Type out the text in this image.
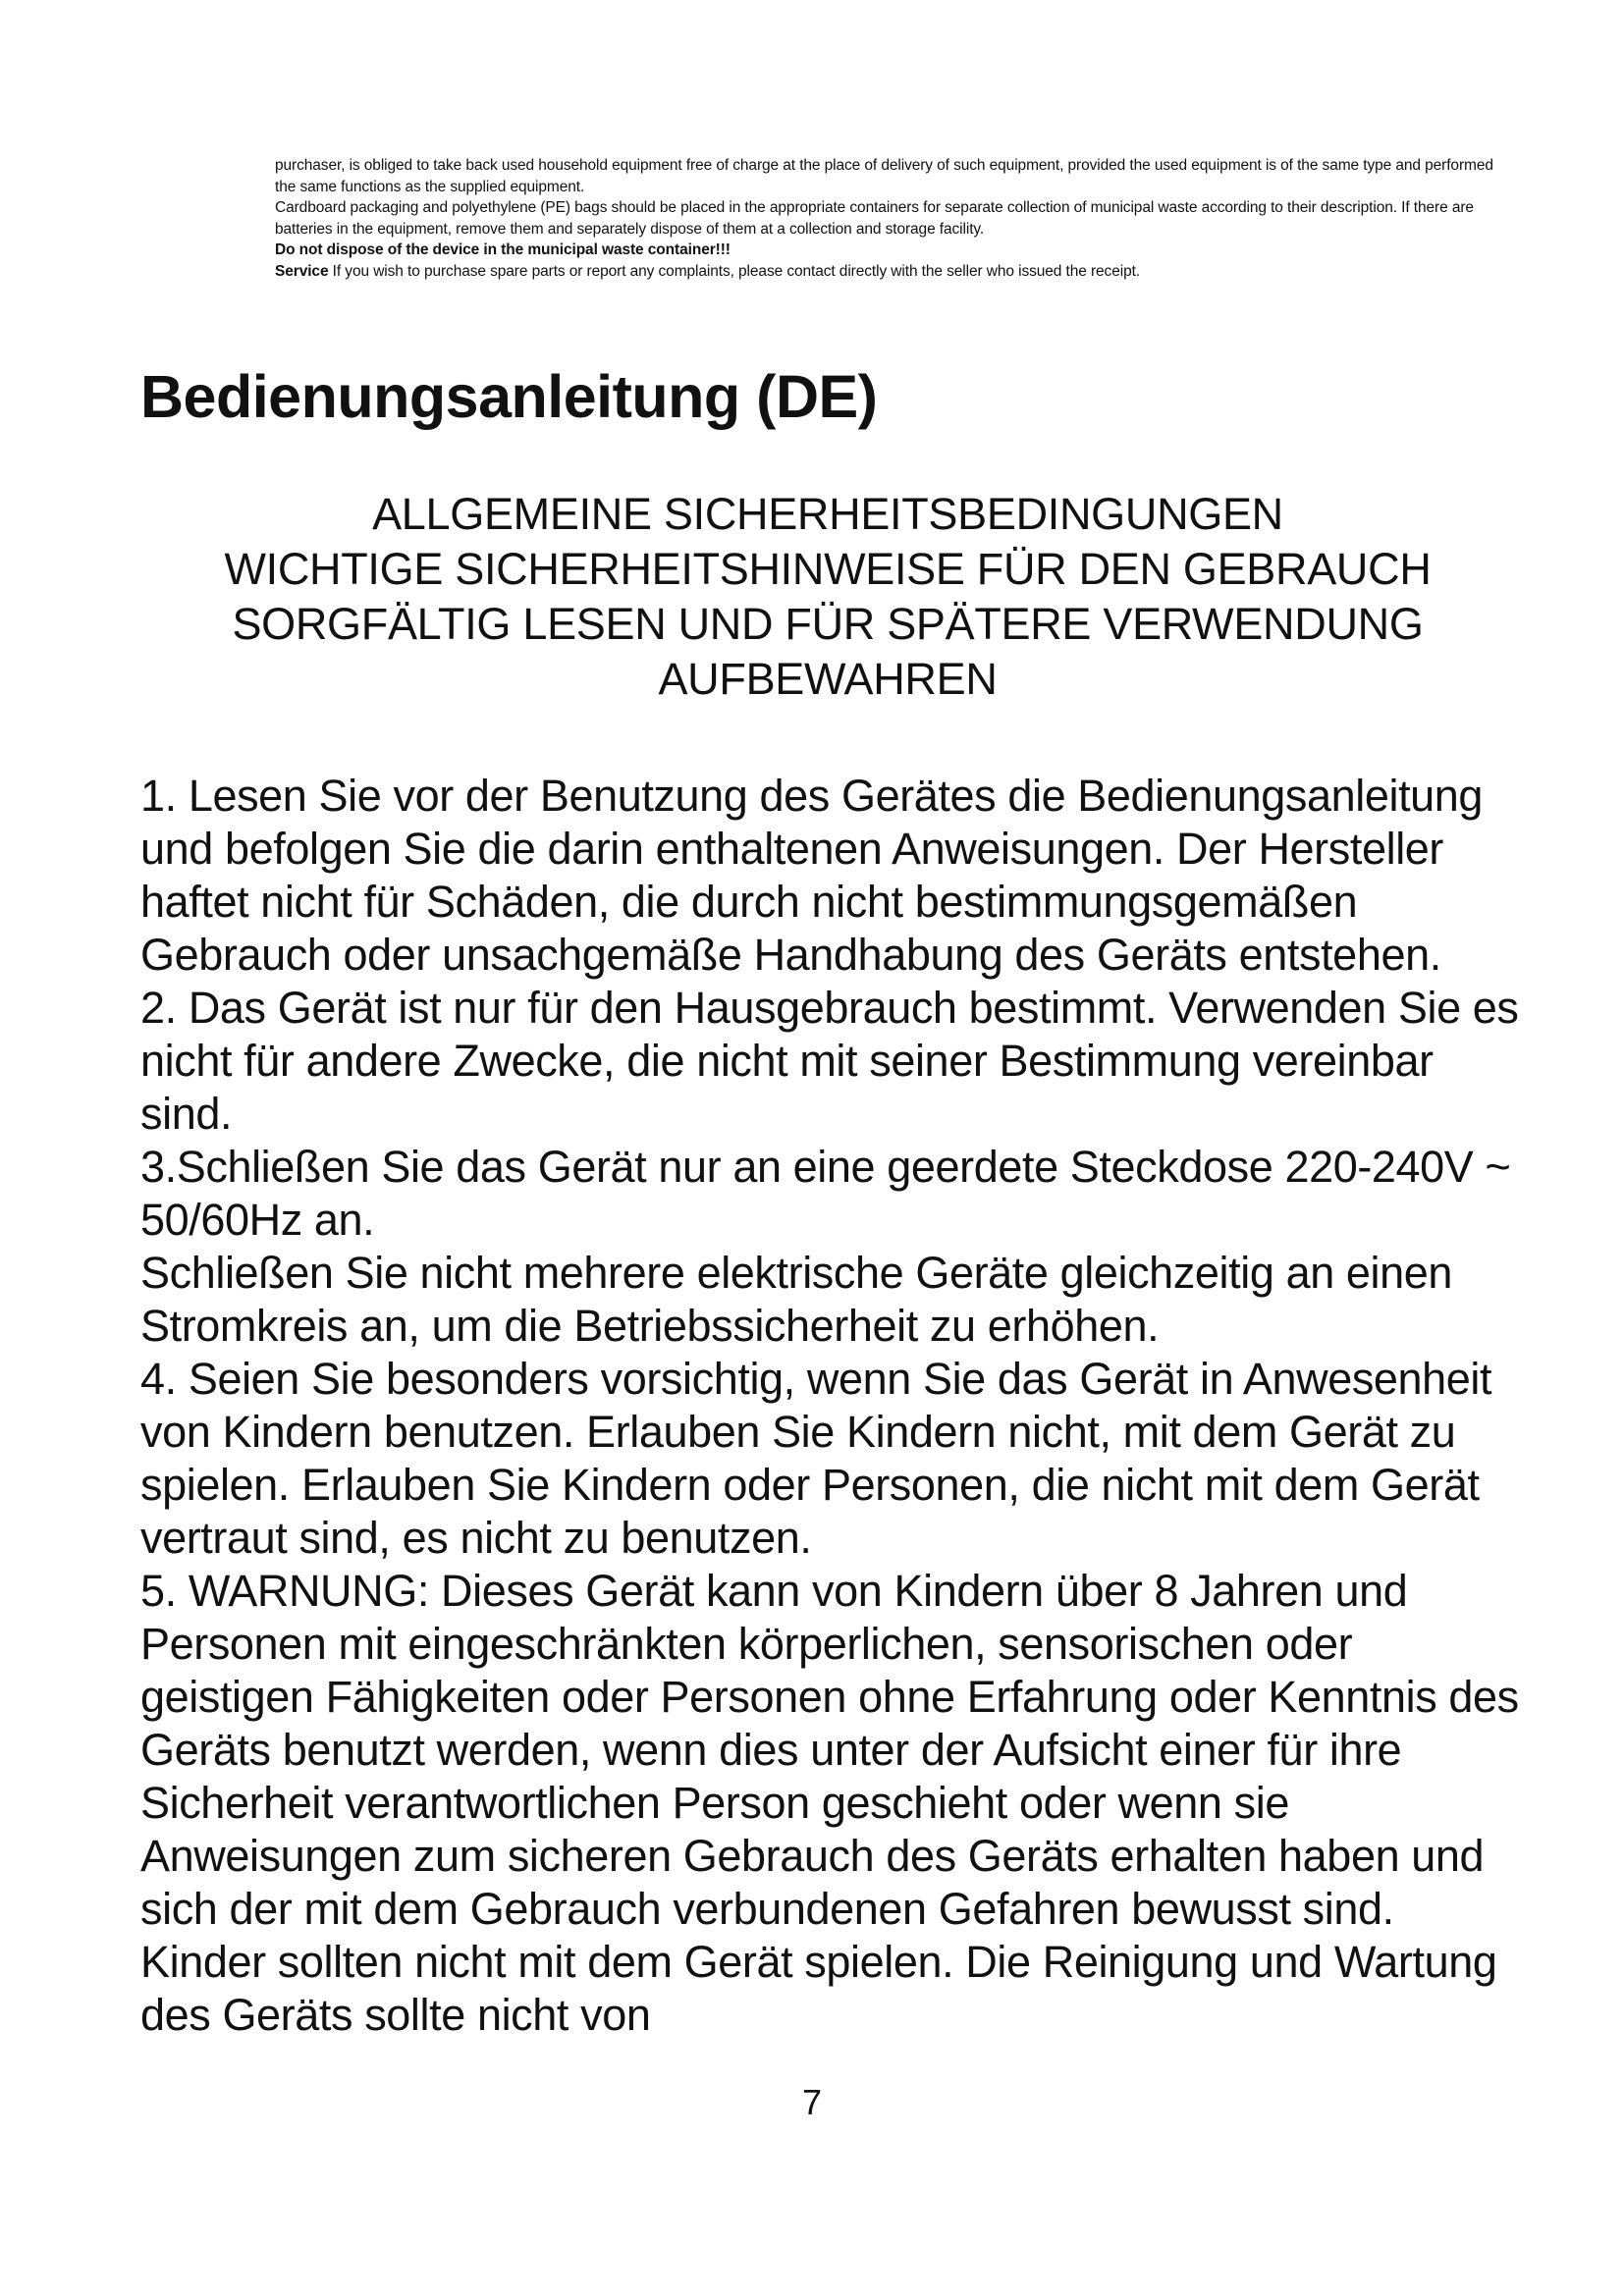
purchaser, is obliged to take back used household equipment free of charge at the place of delivery of such equipment, provided the used equipment is of the same type and performed the same functions as the supplied equipment.

Cardboard packaging and polyethylene (PE) bags should be placed in the appropriate containers for separate collection of municipal waste according to their description. If there are batteries in the equipment, remove them and separately dispose of them at a collection and storage facility.

Do not dispose of the device in the municipal waste container!!!

Service If you wish to purchase spare parts or report any complaints, please contact directly with the seller who issued the receipt.

Bedienungsanleitung (DE)
ALLGEMEINE SICHERHEITSBEDINGUNGEN
WICHTIGE SICHERHEITSHINWEISE FÜR DEN GEBRAUCH
SORGFÄLTIG LESEN UND FÜR SPÄTERE VERWENDUNG
AUFBEWAHREN

1. Lesen Sie vor der Benutzung des Gerätes die Bedienungsanleitung und befolgen Sie die darin enthaltenen Anweisungen. Der Hersteller haftet nicht für Schäden, die durch nicht bestimmungsgemäßen Gebrauch oder unsachgemäße Handhabung des Geräts entstehen.

2. Das Gerät ist nur für den Hausgebrauch bestimmt. Verwenden Sie es nicht für andere Zwecke, die nicht mit seiner Bestimmung vereinbar sind.

3.Schließen Sie das Gerät nur an eine geerdete Steckdose 220-240V ~ 50/60Hz an.

Schließen Sie nicht mehrere elektrische Geräte gleichzeitig an einen Stromkreis an, um die Betriebssicherheit zu erhöhen.

4. Seien Sie besonders vorsichtig, wenn Sie das Gerät in Anwesenheit von Kindern benutzen. Erlauben Sie Kindern nicht, mit dem Gerät zu spielen. Erlauben Sie Kindern oder Personen, die nicht mit dem Gerät vertraut sind, es nicht zu benutzen.

5. WARNUNG: Dieses Gerät kann von Kindern über 8 Jahren und Personen mit eingeschränkten körperlichen, sensorischen oder geistigen Fähigkeiten oder Personen ohne Erfahrung oder Kenntnis des Geräts benutzt werden, wenn dies unter der Aufsicht einer für ihre Sicherheit verantwortlichen Person geschieht oder wenn sie Anweisungen zum sicheren Gebrauch des Geräts erhalten haben und sich der mit dem Gebrauch verbundenen Gefahren bewusst sind. Kinder sollten nicht mit dem Gerät spielen. Die Reinigung und Wartung des Geräts sollte nicht von

7
